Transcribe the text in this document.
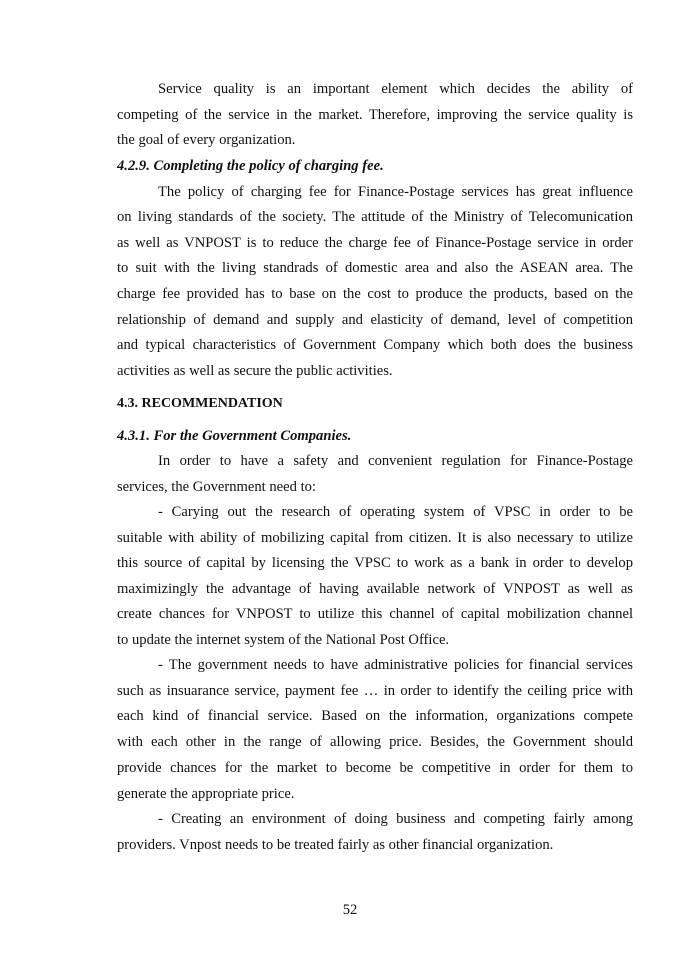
Service quality is an important element which decides the ability of
competing of the service in the market. Therefore, improving the service quality is
the goal of every organization.
4.2.9. Completing the policy of charging fee.
The policy of charging fee for Finance-Postage services has great influence
on living standards of the society. The attitude of the Ministry of Telecomunication
as well as VNPOST is to reduce the charge fee of Finance-Postage service in order
to suit with the living standrads of domestic area and also the ASEAN area. The
charge fee provided has to base on the cost to produce the products, based on the
relationship of demand and supply and elasticity of demand, level of competition
and typical characteristics of Government Company which both does the business
activities as well as secure the public activities.
4.3. RECOMMENDATION
4.3.1. For the Government Companies.
In order to have a safety and convenient regulation for Finance-Postage
services, the Government need to:
- Carying out the research of operating system of VPSC in order to be
suitable with ability of mobilizing capital from citizen. It is also necessary to utilize
this source of capital by licensing the VPSC to work as a bank in order to develop
maximizingly the advantage of having available network of VNPOST as well as
create chances for VNPOST to utilize this channel of capital mobilization channel
to update the internet system of the National Post Office.
- The government needs to have administrative policies for financial services
such as insuarance service, payment fee … in order to identify the ceiling price with
each kind of financial service. Based on the information, organizations compete
with each other in the range of allowing price. Besides, the Government should
provide chances for the market to become be competitive in order for them to
generate the appropriate price.
- Creating an environment of doing business and competing fairly among
providers. Vnpost needs to be treated fairly as other financial organization.
52
